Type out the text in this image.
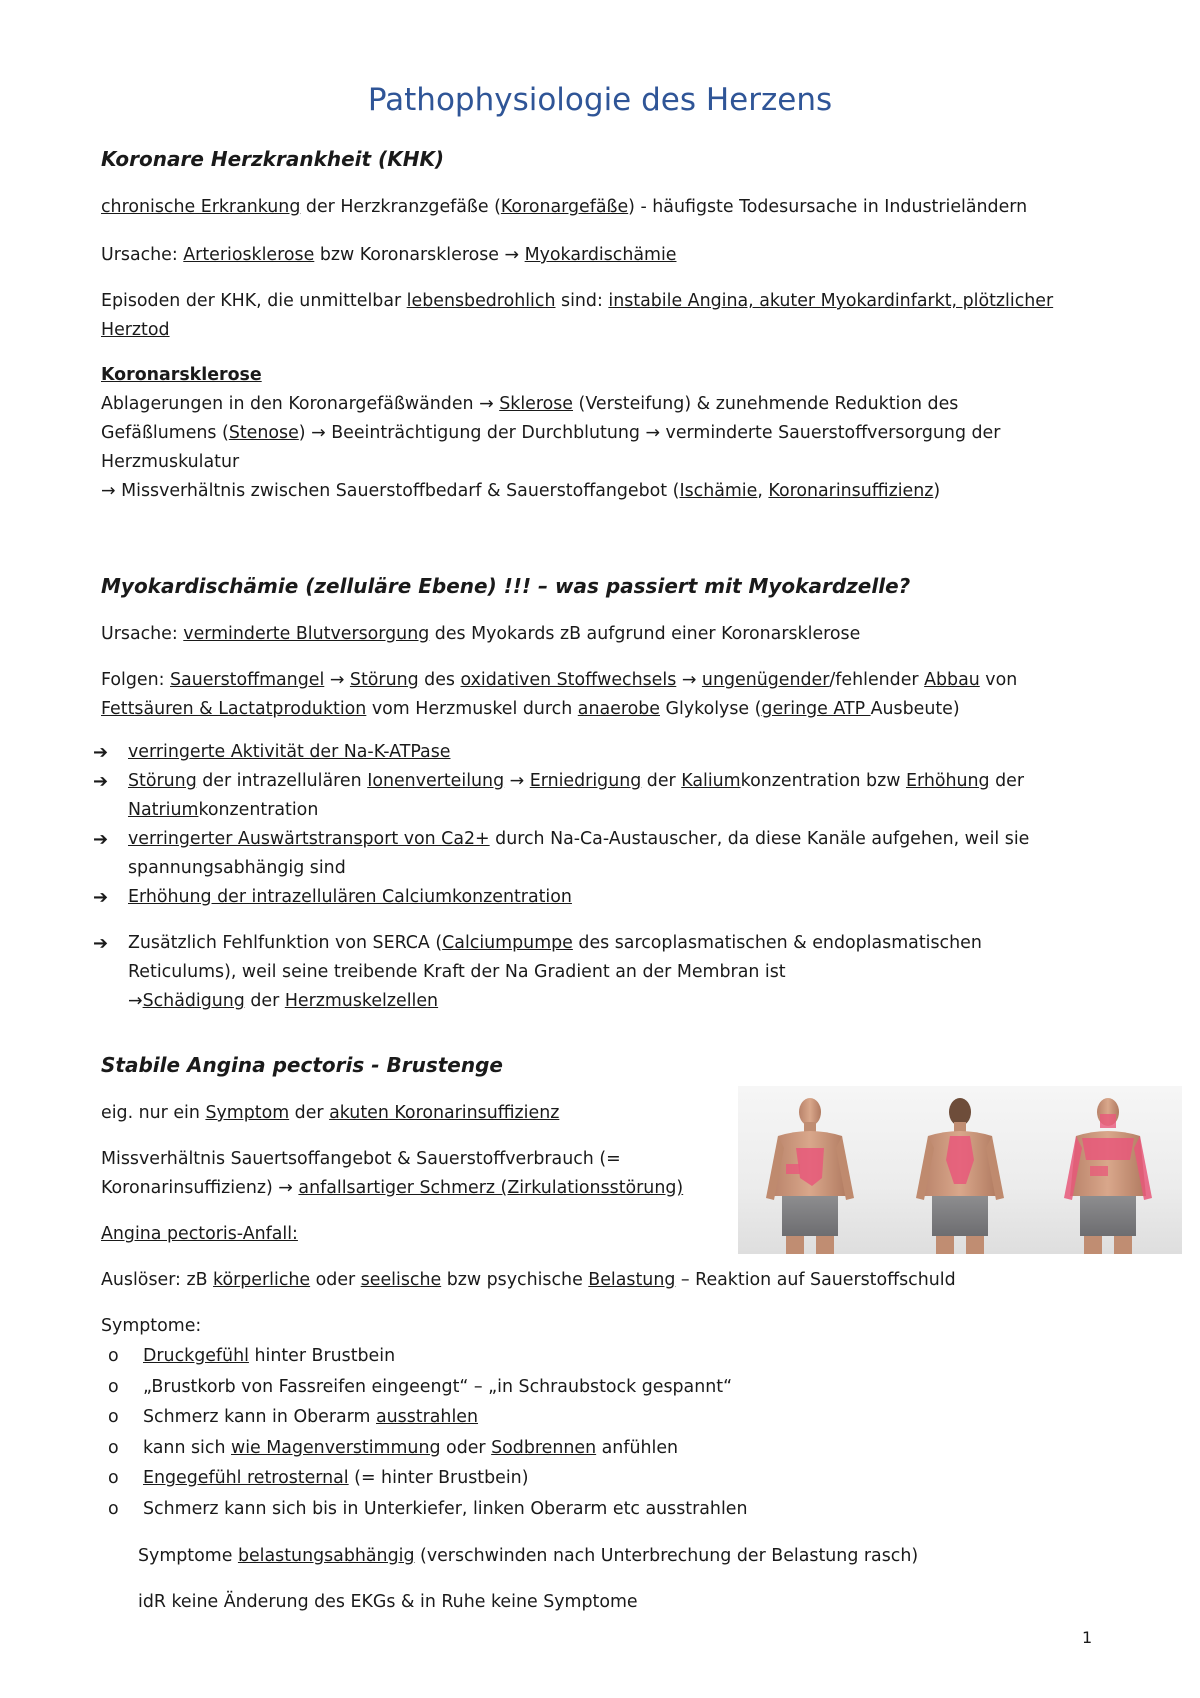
Pathophysiologie des Herzens
Koronare Herzkrankheit (KHK)
chronische Erkrankung der Herzkranzgefäße (Koronargefäße) - häufigste Todesursache in Industrieländern
Ursache: Arteriosklerose bzw Koronarsklerose → Myokardischämie
Episoden der KHK, die unmittelbar lebensbedrohlich sind: instabile Angina, akuter Myokardinfarkt, plötzlicher
Herztod
Koronarsklerose
Ablagerungen in den Koronargefäßwänden → Sklerose (Versteifung) & zunehmende Reduktion des
Gefäßlumens (Stenose) → Beeinträchtigung der Durchblutung → verminderte Sauerstoffversorgung der
Herzmuskulatur
→ Missverhältnis zwischen Sauerstoffbedarf & Sauerstoffangebot (Ischämie, Koronarinsuffizienz)
Myokardischämie (zelluläre Ebene) !!! – was passiert mit Myokardzelle?
Ursache: verminderte Blutversorgung des Myokards zB aufgrund einer Koronarsklerose
Folgen: Sauerstoffmangel → Störung des oxidativen Stoffwechsels → ungenügender/fehlender Abbau von
Fettsäuren & Lactatproduktion vom Herzmuskel durch anaerobe Glykolyse (geringe ATP Ausbeute)
➔ verringerte Aktivität der Na-K-ATPase
➔ Störung der intrazellulären Ionenverteilung → Erniedrigung der Kaliumkonzentration bzw Erhöhung der
Natriumkonzentration
➔ verringerter Auswärtstransport von Ca2+ durch Na-Ca-Austauscher, da diese Kanäle aufgehen, weil sie
spannungsabhängig sind
➔ Erhöhung der intrazellulären Calciumkonzentration
➔ Zusätzlich Fehlfunktion von SERCA (Calciumpumpe des sarcoplasmatischen & endoplasmatischen
Reticulums), weil seine treibende Kraft der Na Gradient an der Membran ist
→Schädigung der Herzmuskelzellen
Stabile Angina pectoris - Brustenge
eig. nur ein Symptom der akuten Koronarinsuffizienz
Missverhältnis Sauertsoffangebot & Sauerstoffverbrauch (=
Koronarinsuffizienz) → anfallsartiger Schmerz (Zirkulationsstörung)
Angina pectoris-Anfall:
Auslöser: zB körperliche oder seelische bzw psychische Belastung – Reaktion auf Sauerstoffschuld
Symptome:
o Druckgefühl hinter Brustbein
o „Brustkorb von Fassreifen eingeengt“ – „in Schraubstock gespannt“
o Schmerz kann in Oberarm ausstrahlen
o kann sich wie Magenverstimmung oder Sodbrennen anfühlen
o Engegefühl retrosternal (= hinter Brustbein)
o Schmerz kann sich bis in Unterkiefer, linken Oberarm etc ausstrahlen
Symptome belastungsabhängig (verschwinden nach Unterbrechung der Belastung rasch)
idR keine Änderung des EKGs & in Ruhe keine Symptome
1
